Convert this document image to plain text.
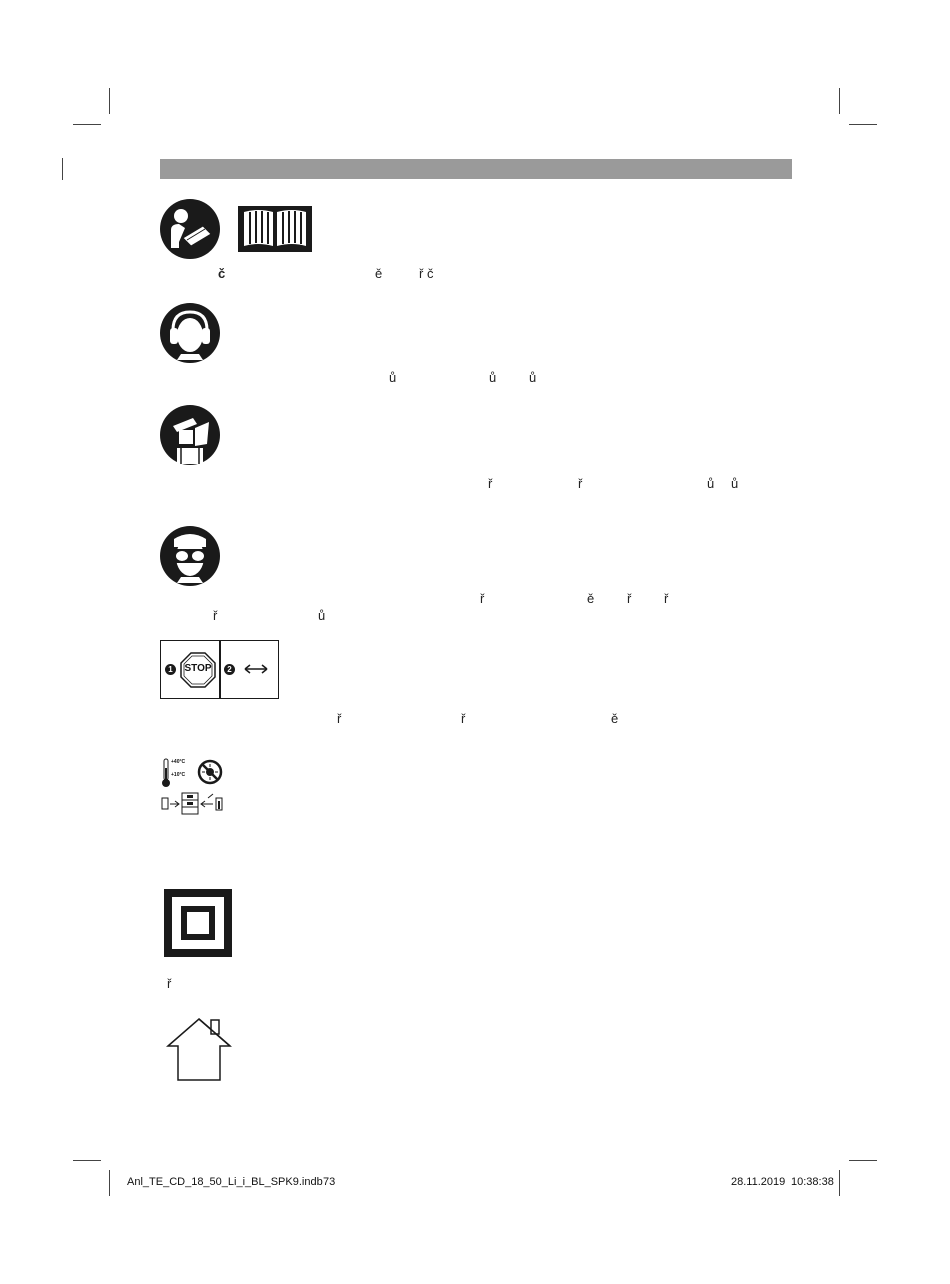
č	ě	ř č
ů	ů	ů
ř	ř	ů ů
ř	ě	ř	ř
ř	ů
1	STOP	2
ř	ř	ě
+40°C
+10°C
ř
Anl_TE_CD_18_50_Li_i_BL_SPK9.indb 73	28.11.2019 10:38:38
